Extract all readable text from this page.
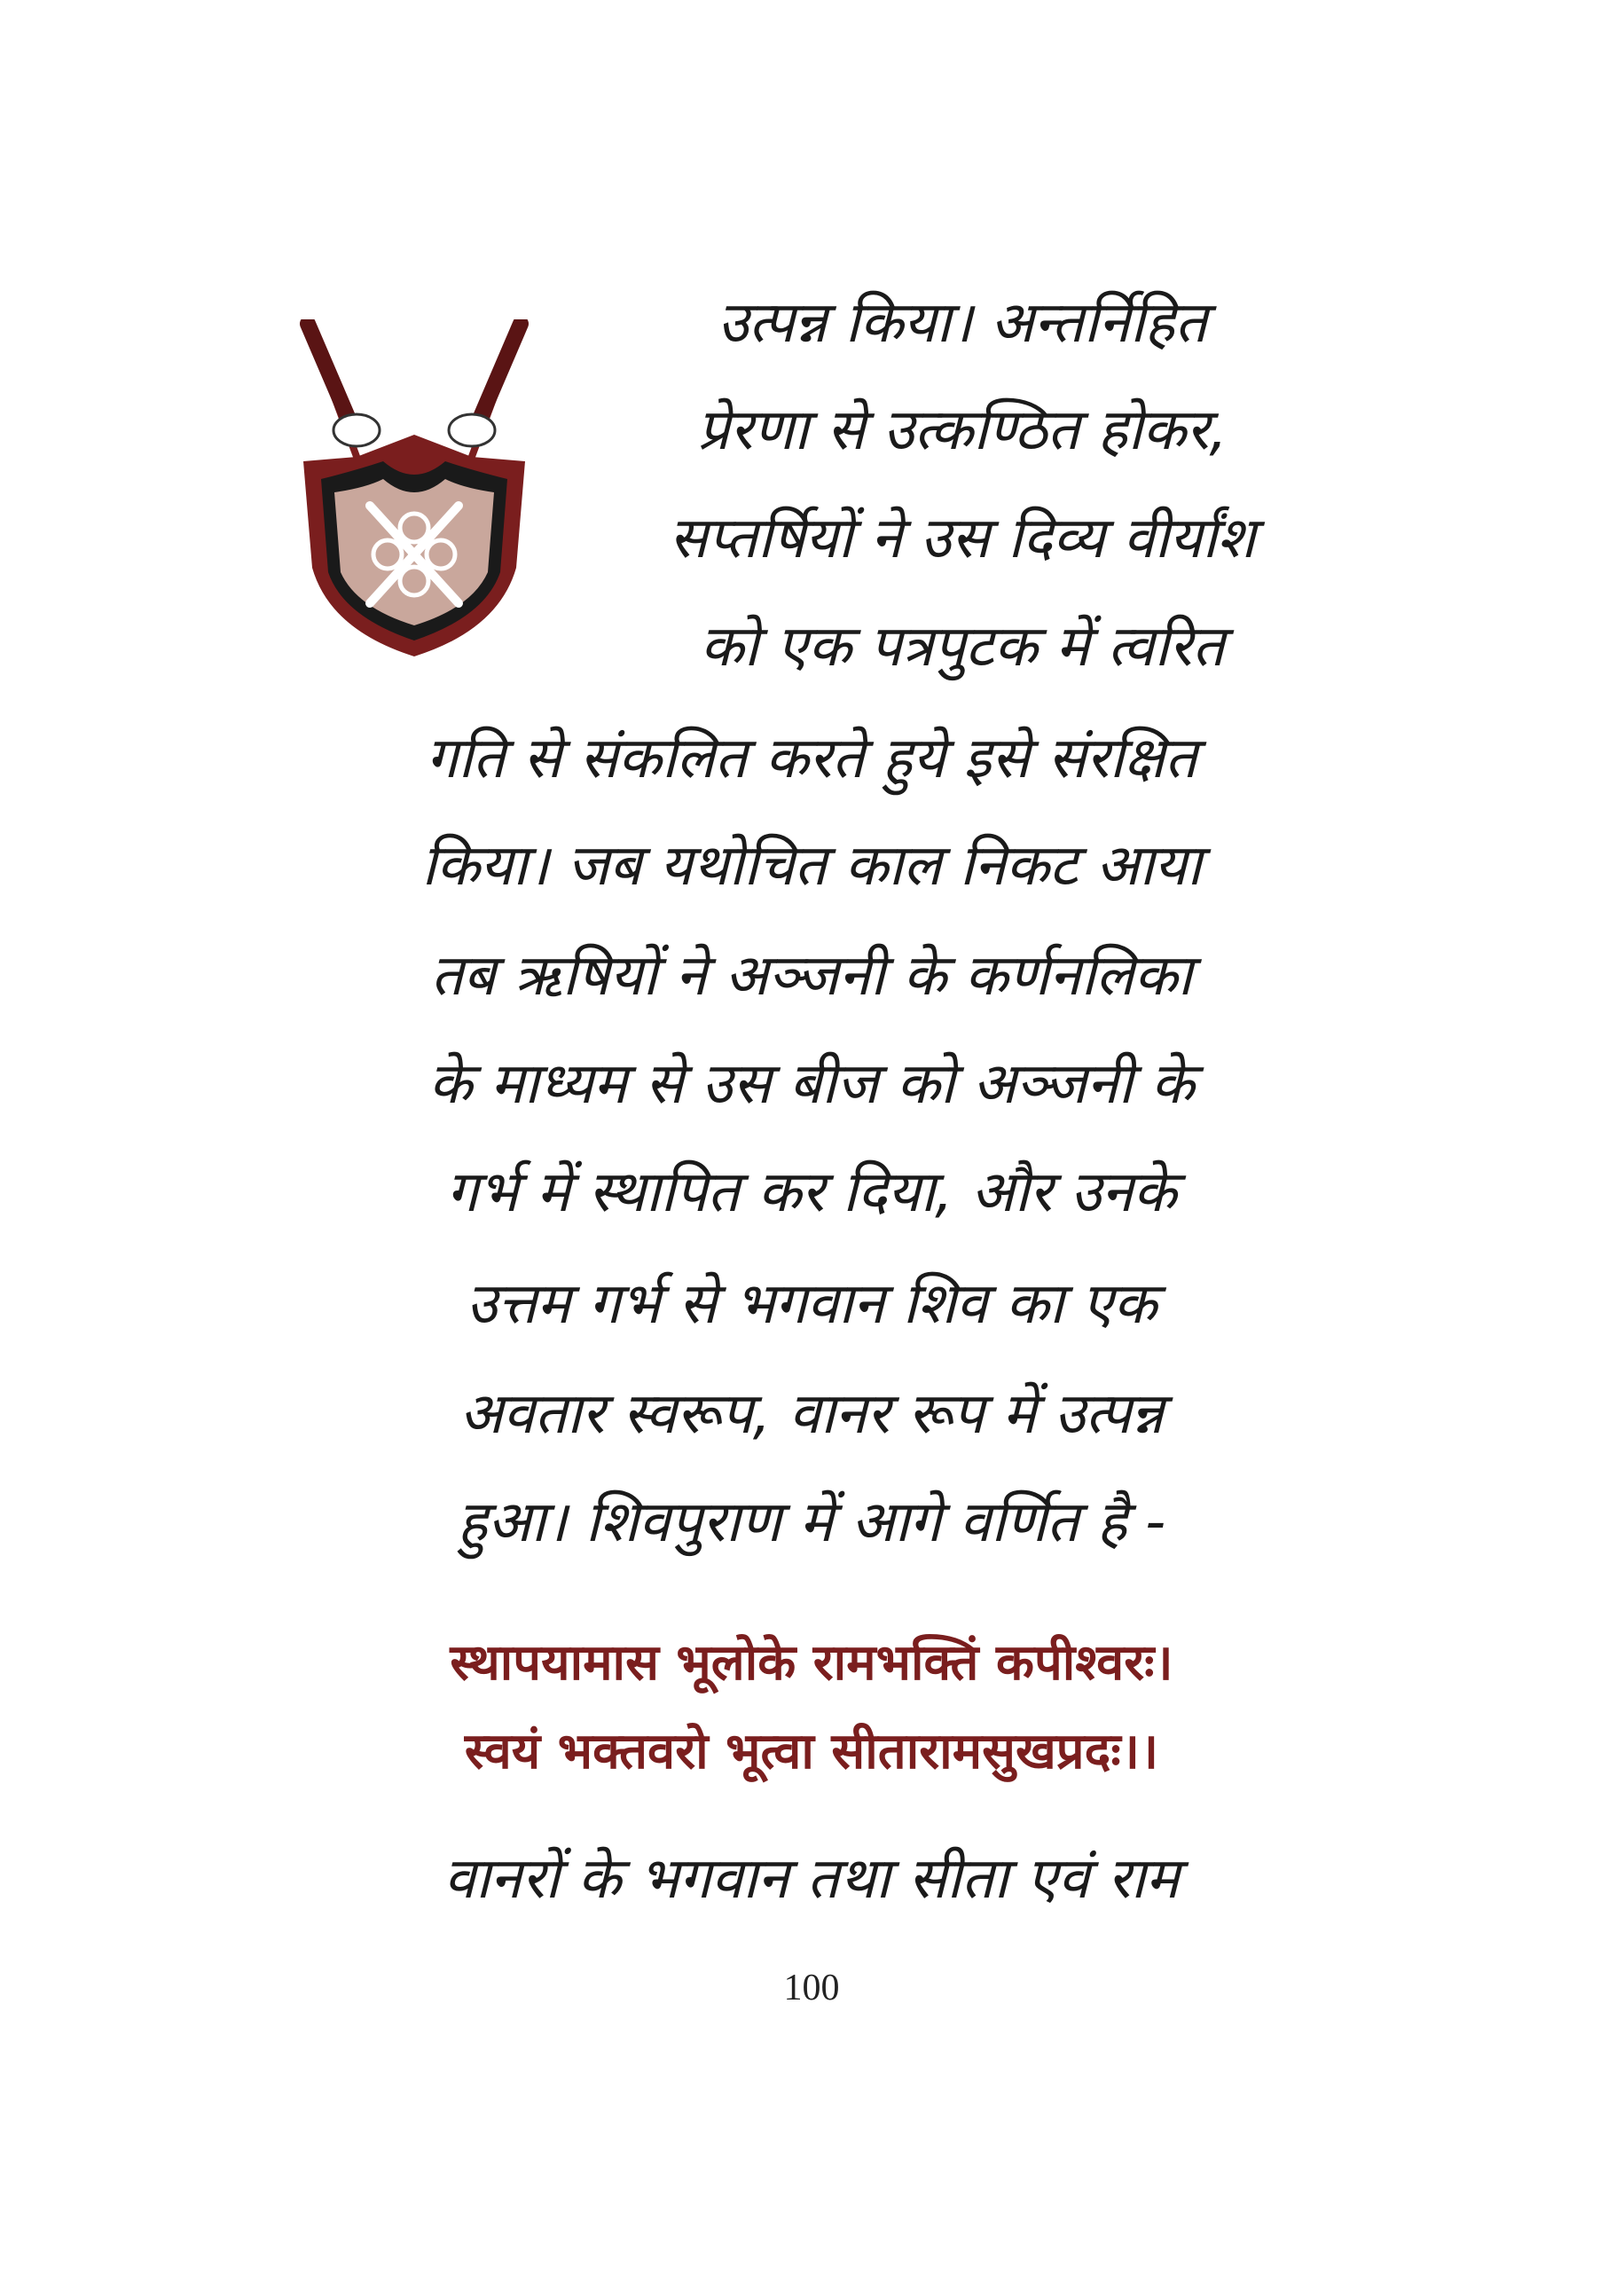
उत्पन्न किया। अन्तर्निहित
प्रेरणा से उत्कण्ठित होकर,
सप्तर्षियों ने उस दिव्य वीर्यांश
को एक पत्रपुटक में त्वरित
गति से संकलित करते हुये इसे संरक्षित
किया। जब यथोचित काल निकट आया
तब ऋषियों ने अञ्जनी के कर्णनलिका
के माध्यम से उस बीज को अञ्जनी के
गर्भ में स्थापित कर दिया, और उनके
उत्तम गर्भ से भगवान शिव का एक
अवतार स्वरूप, वानर रूप में उत्पन्न
हुआ। शिवपुराण में आगे वर्णित है -
स्थापयामास भूलोके रामभक्तिं कपीश्वरः।
स्वयं भक्तवरो भूत्वा सीतारामसुखप्रदः।।
वानरों के भगवान तथा सीता एवं राम
100
